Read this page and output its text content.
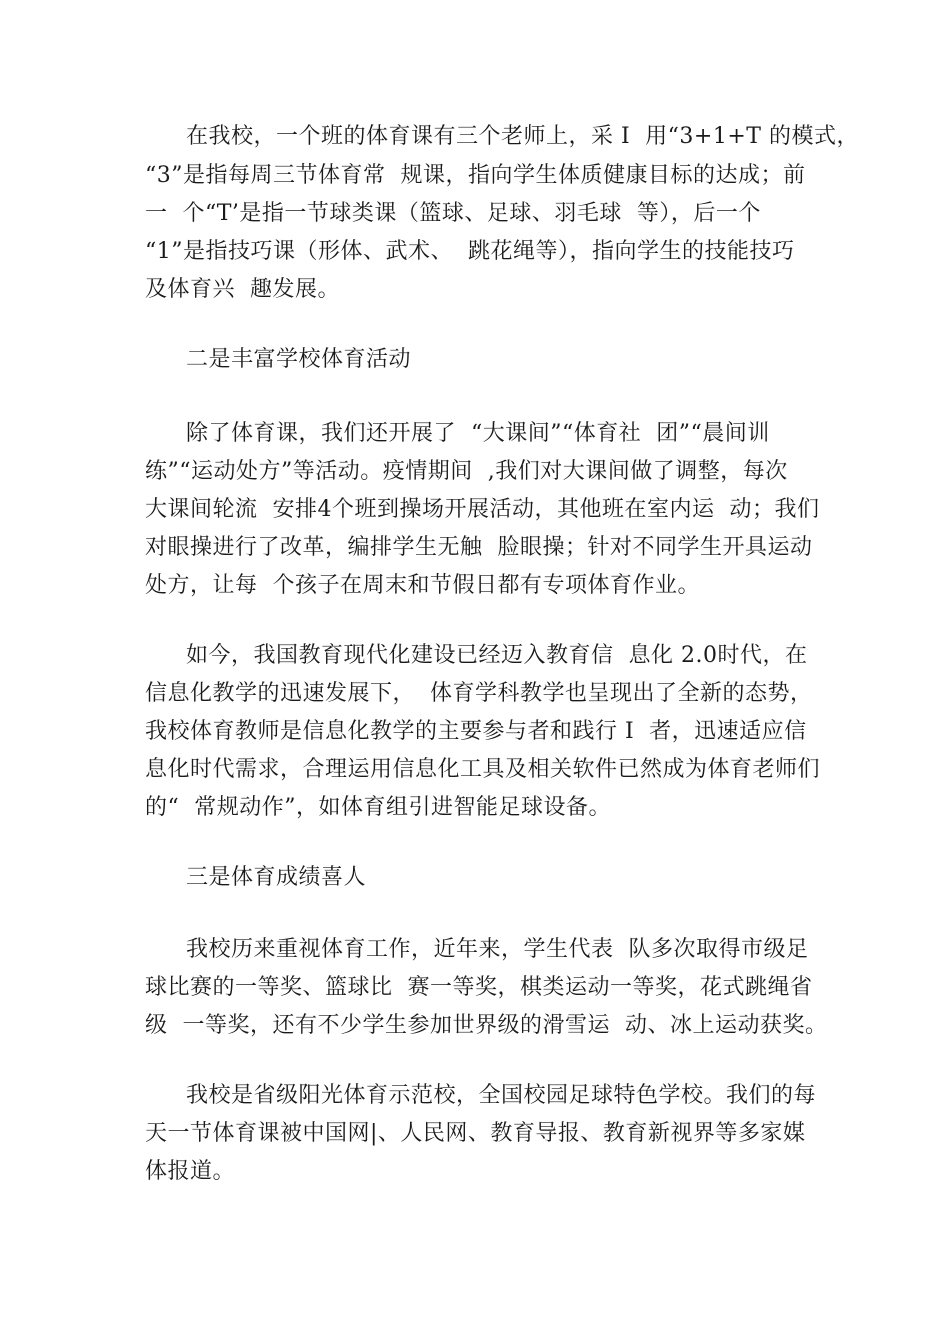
在我校，一个班的体育课有三个老师上，采 I  用“3+1+T 的模式，
“3”是指每周三节体育常  规课，指向学生体质健康目标的达成；前
一  个“T’是指一节球类课（篮球、足球、羽毛球  等），后一个
“1”是指技巧课（形体、武术、  跳花绳等），指向学生的技能技巧
及体育兴  趣发展。
二是丰富学校体育活动
除了体育课，我们还开展了  “大课间”“体育社  团”“晨间训
练”“运动处方”等活动。疫情期间  ,我们对大课间做了调整，每次
大课间轮流  安排4个班到操场开展活动，其他班在室内运  动；我们
对眼操进行了改革，编排学生无触  脸眼操；针对不同学生开具运动
处方，让每  个孩子在周末和节假日都有专项体育作业。
如今，我国教育现代化建设已经迈入教育信  息化 2.0时代，在
信息化教学的迅速发展下，  体育学科教学也呈现出了全新的态势，
我校体育教师是信息化教学的主要参与者和践行 I  者，迅速适应信
息化时代需求，合理运用信息化工具及相关软件已然成为体育老师们
的“  常规动作”，如体育组引进智能足球设备。
三是体育成绩喜人
我校历来重视体育工作，近年来，学生代表  队多次取得市级足
球比赛的一等奖、篮球比  赛一等奖，棋类运动一等奖，花式跳绳省
级  一等奖，还有不少学生参加世界级的滑雪运  动、冰上运动获奖。
我校是省级阳光体育示范校，全国校园足球特色学校。我们的每
天一节体育课被中国网|、人民网、教育导报、教育新视界等多家媒
体报道。
